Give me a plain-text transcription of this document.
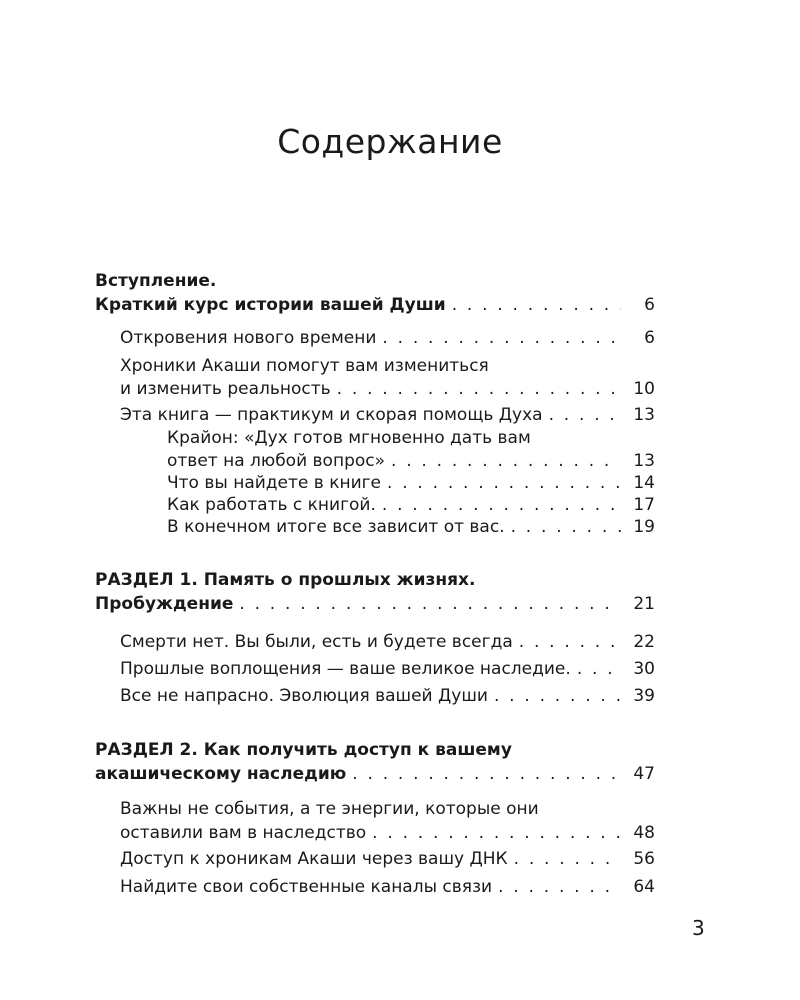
Содержание
Вступление.
Краткий курс истории вашей Души . . .	6
Откровения нового времени . . .	6
Хроники Акаши помогут вам измениться
и изменить реальность . . .	10
Эта книга — практикум и скорая помощь Духа . . .	13
Крайон: «Дух готов мгновенно дать вам
ответ на любой вопрос» . . .	13
Что вы найдете в книге . . .	14
Как работать с книгой. . . .	17
В конечном итоге все зависит от вас. . . .	19
РАЗДЕЛ 1. Память о прошлых жизнях.
Пробуждение . . .	21
Смерти нет. Вы были, есть и будете всегда . . .	22
Прошлые воплощения — ваше великое наследие. . . .	30
Все не напрасно. Эволюция вашей Души . . .	39
РАЗДЕЛ 2. Как получить доступ к вашему
акашическому наследию . . .	47
Важны не события, а те энергии, которые они
оставили вам в наследство . . .	48
Доступ к хроникам Акаши через вашу ДНК . . .	56
Найдите свои собственные каналы связи . . .	64
3
